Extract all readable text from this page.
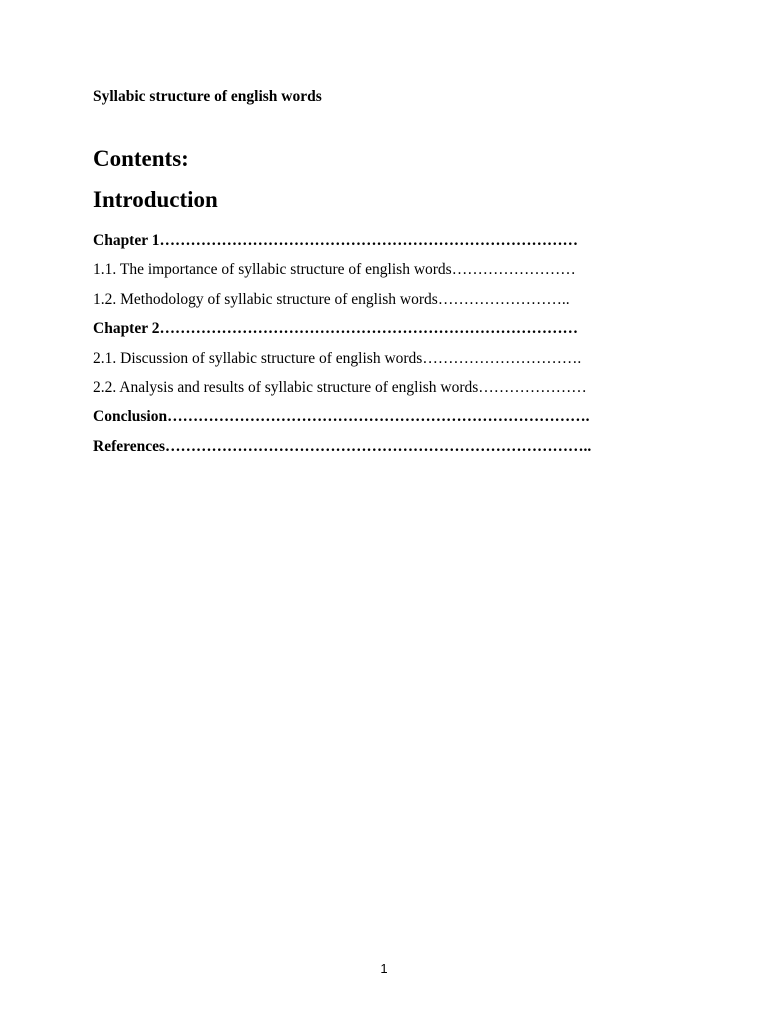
Syllabic structure of english words
Contents:
Introduction
Chapter 1………………………………………………………………………
1.1. The importance of syllabic structure of english words……………………
1.2. Methodology of syllabic structure of english words……………………..
Chapter 2………………………………………………………………………
2.1. Discussion of syllabic structure of english words………………………….
2.2. Analysis and results of syllabic structure of english words…………………
Conclusion……………………………………………………………………….
References………………………………………………………………………..
1
